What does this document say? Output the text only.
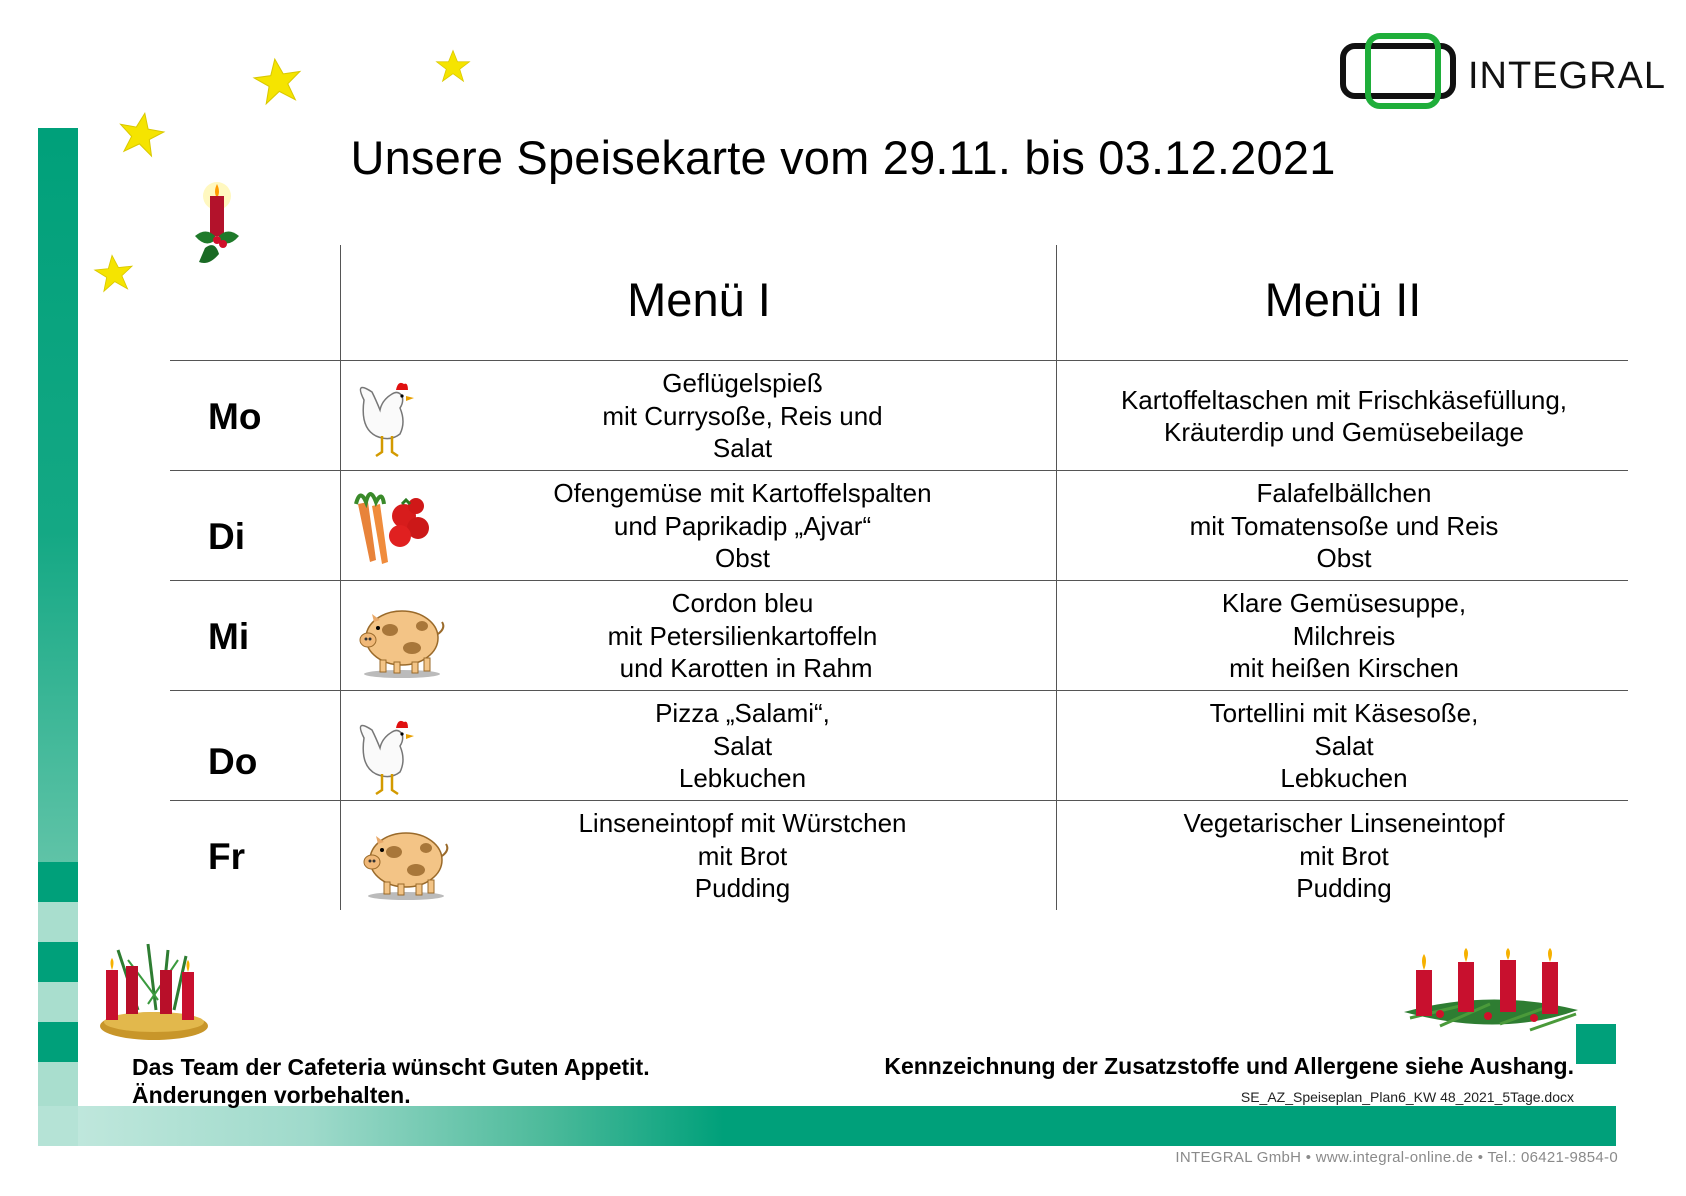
INTEGRAL
Unsere Speisekarte vom 29.11. bis 03.12.2021
Menü I	Menü II
Mo
Geflügelspieß
mit Currysoße, Reis und
Salat
Kartoffeltaschen mit Frischkäsefüllung,
Kräuterdip und Gemüsebeilage
Di
Ofengemüse mit Kartoffelspalten
und Paprikadip „Ajvar“
Obst
Falafelbällchen
mit Tomatensoße und Reis
Obst
Mi
Cordon bleu
mit Petersilienkartoffeln
und Karotten in Rahm
Klare Gemüsesuppe,
Milchreis
mit heißen Kirschen
Do
Pizza „Salami“,
Salat
Lebkuchen
Tortellini mit Käsesoße,
Salat
Lebkuchen
Fr
Linseneintopf mit Würstchen
mit Brot
Pudding
Vegetarischer Linseneintopf
mit Brot
Pudding
Das Team der Cafeteria wünscht Guten Appetit.
Änderungen vorbehalten.
Kennzeichnung der Zusatzstoffe und Allergene siehe Aushang.
SE_AZ_Speiseplan_Plan6_KW 48_2021_5Tage.docx
INTEGRAL GmbH • www.integral-online.de • Tel.: 06421-9854-0
